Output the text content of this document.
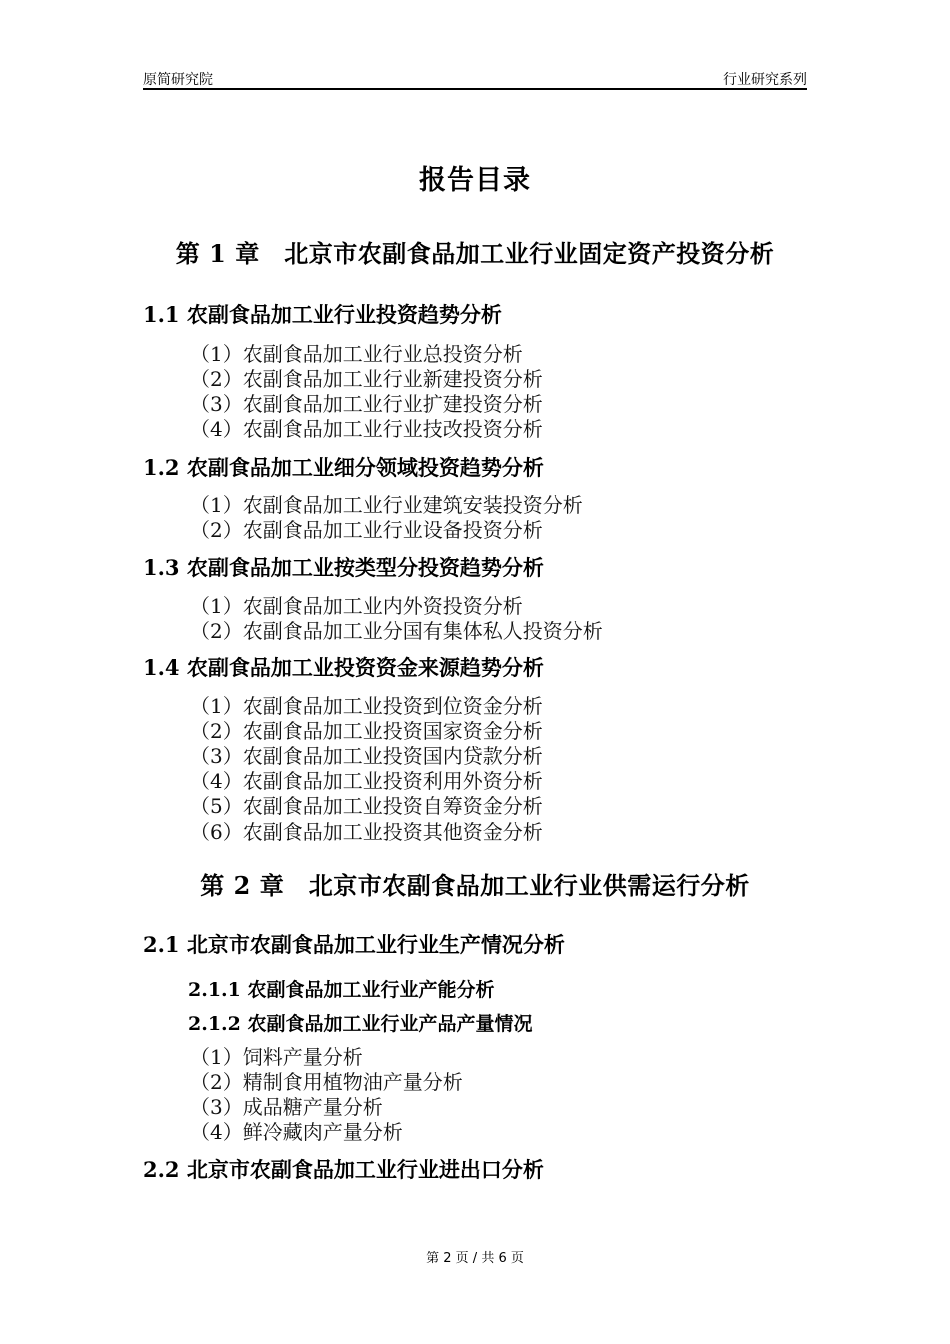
原简研究院	行业研究系列
报告目录
第 1 章　北京市农副食品加工业行业固定资产投资分析
1.1 农副食品加工业行业投资趋势分析
（1）农副食品加工业行业总投资分析
（2）农副食品加工业行业新建投资分析
（3）农副食品加工业行业扩建投资分析
（4）农副食品加工业行业技改投资分析
1.2 农副食品加工业细分领域投资趋势分析
（1）农副食品加工业行业建筑安装投资分析
（2）农副食品加工业行业设备投资分析
1.3 农副食品加工业按类型分投资趋势分析
（1）农副食品加工业内外资投资分析
（2）农副食品加工业分国有集体私人投资分析
1.4 农副食品加工业投资资金来源趋势分析
（1）农副食品加工业投资到位资金分析
（2）农副食品加工业投资国家资金分析
（3）农副食品加工业投资国内贷款分析
（4）农副食品加工业投资利用外资分析
（5）农副食品加工业投资自筹资金分析
（6）农副食品加工业投资其他资金分析
第 2 章　北京市农副食品加工业行业供需运行分析
2.1 北京市农副食品加工业行业生产情况分析
2.1.1 农副食品加工业行业产能分析
2.1.2 农副食品加工业行业产品产量情况
（1）饲料产量分析
（2）精制食用植物油产量分析
（3）成品糖产量分析
（4）鲜冷藏肉产量分析
2.2 北京市农副食品加工业行业进出口分析
第 2 页 / 共 6 页
